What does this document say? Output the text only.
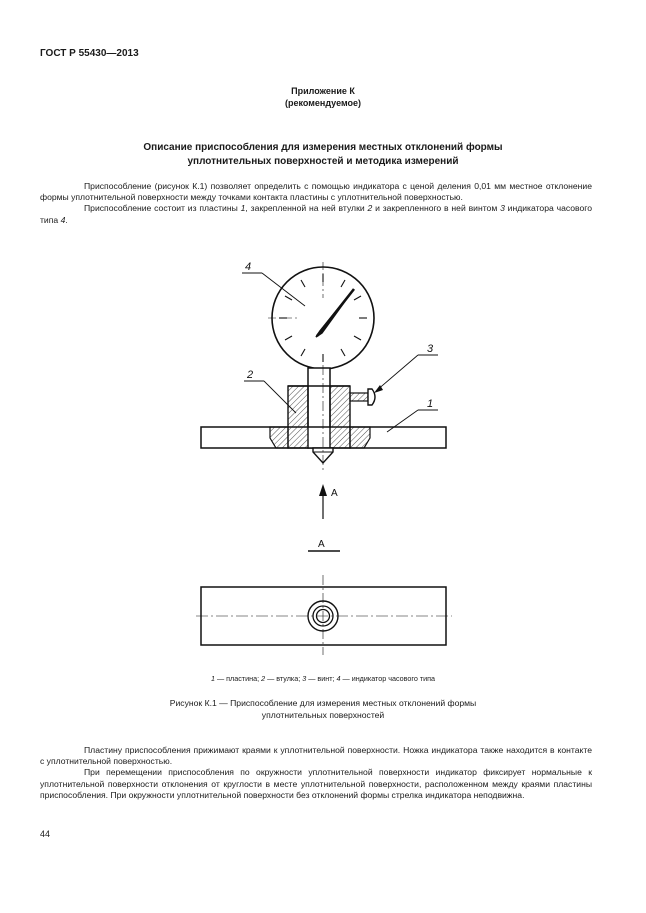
ГОСТ Р 55430—2013
Приложение К
(рекомендуемое)
Описание приспособления для измерения местных отклонений формы
уплотнительных поверхностей и методика измерений

Приспособление (рисунок К.1) позволяет определить с помощью индикатора с ценой деления 0,01 мм местное отклонение формы уплотнительной поверхности между точками контакта пластины с уплотнительной поверхностью.

Приспособление состоит из пластины 1, закрепленной на ней втулки 2 и закрепленного в ней винтом 3 индикатора часового типа 4.

4
2
3
1
А
А
1 — пластина; 2 — втулка; 3 — винт; 4 — индикатор часового типа
Рисунок К.1 — Приспособление для измерения местных отклонений формы
уплотнительных поверхностей

Пластину приспособления прижимают краями к уплотнительной поверхности. Ножка индикатора также находится в контакте с уплотнительной поверхностью.

При перемещении приспособления по окружности уплотнительной поверхности индикатор фиксирует нормальные к уплотнительной поверхности отклонения от круглости в месте уплотнительной поверхности, расположенном между краями пластины приспособления. При окружности уплотнительной поверхности без отклонений формы стрелка индикатора неподвижна.

44
